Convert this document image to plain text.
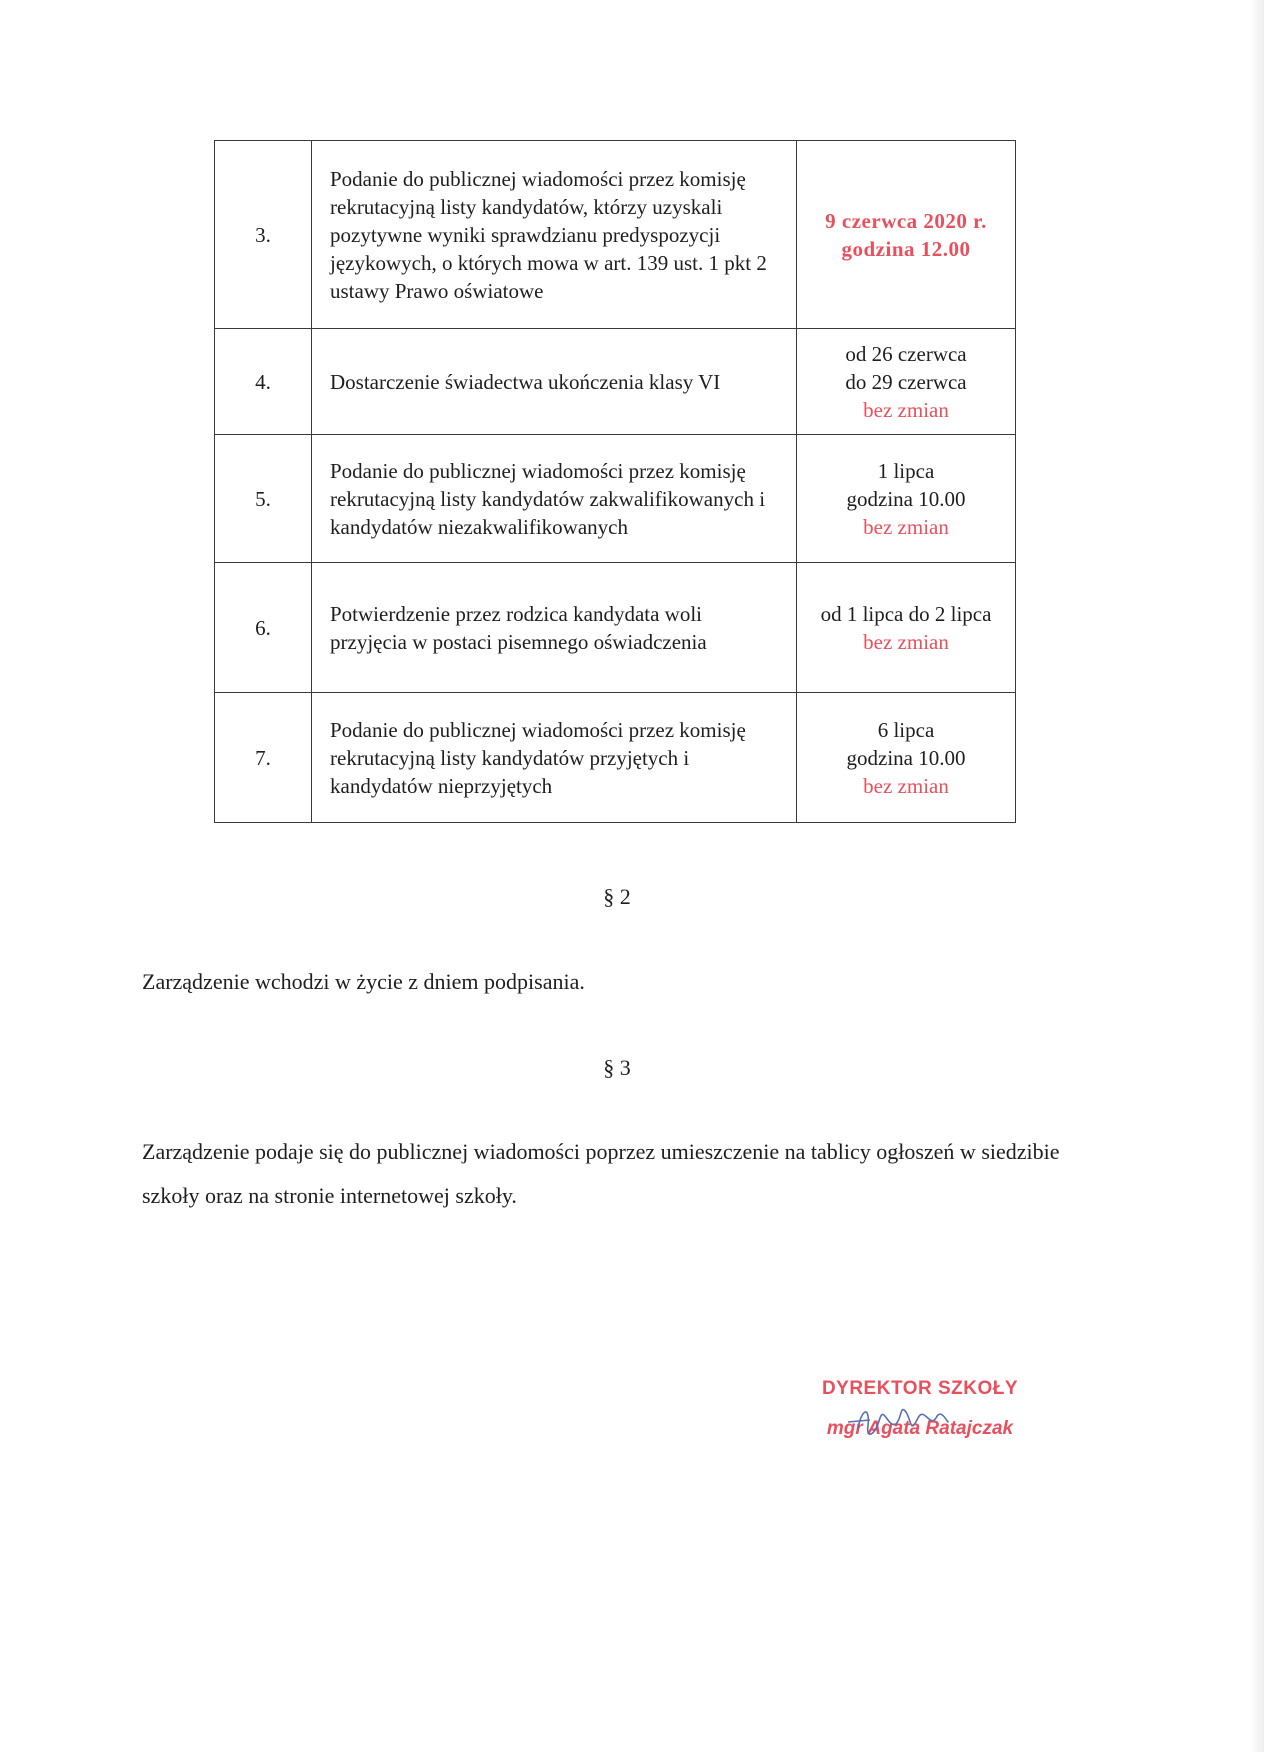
3.	Podanie do publicznej wiadomości przez komisję rekrutacyjną listy kandydatów, którzy uzyskali pozytywne wyniki sprawdzianu predyspozycji językowych, o których mowa w art. 139 ust. 1 pkt 2 ustawy Prawo oświatowe	9 czerwca 2020 r.
godzina 12.00

4.	Dostarczenie świadectwa ukończenia klasy VI	od 26 czerwca
do 29 czerwca
bez zmian

5.	Podanie do publicznej wiadomości przez komisję rekrutacyjną listy kandydatów zakwalifikowanych i kandydatów niezakwalifikowanych	1 lipca
godzina 10.00
bez zmian

6.	Potwierdzenie przez rodzica kandydata woli przyjęcia w postaci pisemnego oświadczenia	od 1 lipca do 2 lipca
bez zmian

7.	Podanie do publicznej wiadomości przez komisję rekrutacyjną listy kandydatów przyjętych i kandydatów nieprzyjętych	6 lipca
godzina 10.00
bez zmian
§ 2
Zarządzenie wchodzi w życie z dniem podpisania.
§ 3
Zarządzenie podaje się do publicznej wiadomości poprzez umieszczenie na tablicy ogłoszeń w siedzibie szkoły oraz na stronie internetowej szkoły.
DYREKTOR SZKOŁY
mgr Agata Ratajczak
